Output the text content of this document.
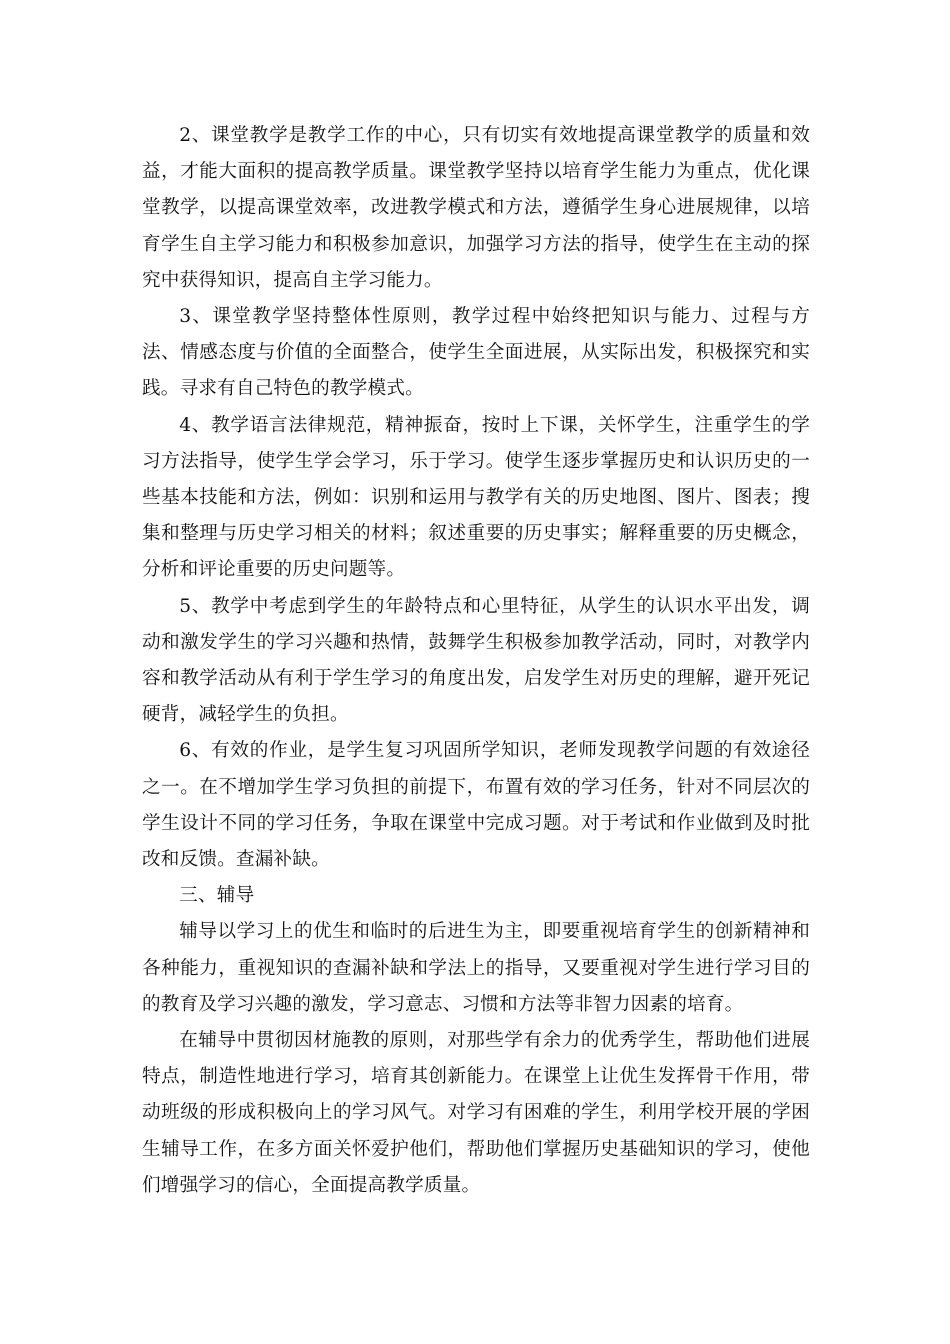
2、课堂教学是教学工作的中心，只有切实有效地提高课堂教学的质量和效益，才能大面积的提高教学质量。课堂教学坚持以培育学生能力为重点，优化课堂教学，以提高课堂效率，改进教学模式和方法，遵循学生身心进展规律，以培育学生自主学习能力和积极参加意识，加强学习方法的指导，使学生在主动的探究中获得知识，提高自主学习能力。

3、课堂教学坚持整体性原则，教学过程中始终把知识与能力、过程与方法、情感态度与价值的全面整合，使学生全面进展，从实际出发，积极探究和实践。寻求有自己特色的教学模式。

4、教学语言法律规范，精神振奋，按时上下课，关怀学生，注重学生的学习方法指导，使学生学会学习，乐于学习。使学生逐步掌握历史和认识历史的一些基本技能和方法，例如：识别和运用与教学有关的历史地图、图片、图表；搜集和整理与历史学习相关的材料；叙述重要的历史事实；解释重要的历史概念，分析和评论重要的历史问题等。

5、教学中考虑到学生的年龄特点和心里特征，从学生的认识水平出发，调动和激发学生的学习兴趣和热情，鼓舞学生积极参加教学活动，同时，对教学内容和教学活动从有利于学生学习的角度出发，启发学生对历史的理解，避开死记硬背，减轻学生的负担。

6、有效的作业，是学生复习巩固所学知识，老师发现教学问题的有效途径之一。在不增加学生学习负担的前提下，布置有效的学习任务，针对不同层次的学生设计不同的学习任务，争取在课堂中完成习题。对于考试和作业做到及时批改和反馈。查漏补缺。

三、辅导

辅导以学习上的优生和临时的后进生为主，即要重视培育学生的创新精神和各种能力，重视知识的查漏补缺和学法上的指导，又要重视对学生进行学习目的的教育及学习兴趣的激发，学习意志、习惯和方法等非智力因素的培育。

在辅导中贯彻因材施教的原则，对那些学有余力的优秀学生，帮助他们进展特点，制造性地进行学习，培育其创新能力。在课堂上让优生发挥骨干作用，带动班级的形成积极向上的学习风气。对学习有困难的学生，利用学校开展的学困生辅导工作，在多方面关怀爱护他们，帮助他们掌握历史基础知识的学习，使他们增强学习的信心，全面提高教学质量。
